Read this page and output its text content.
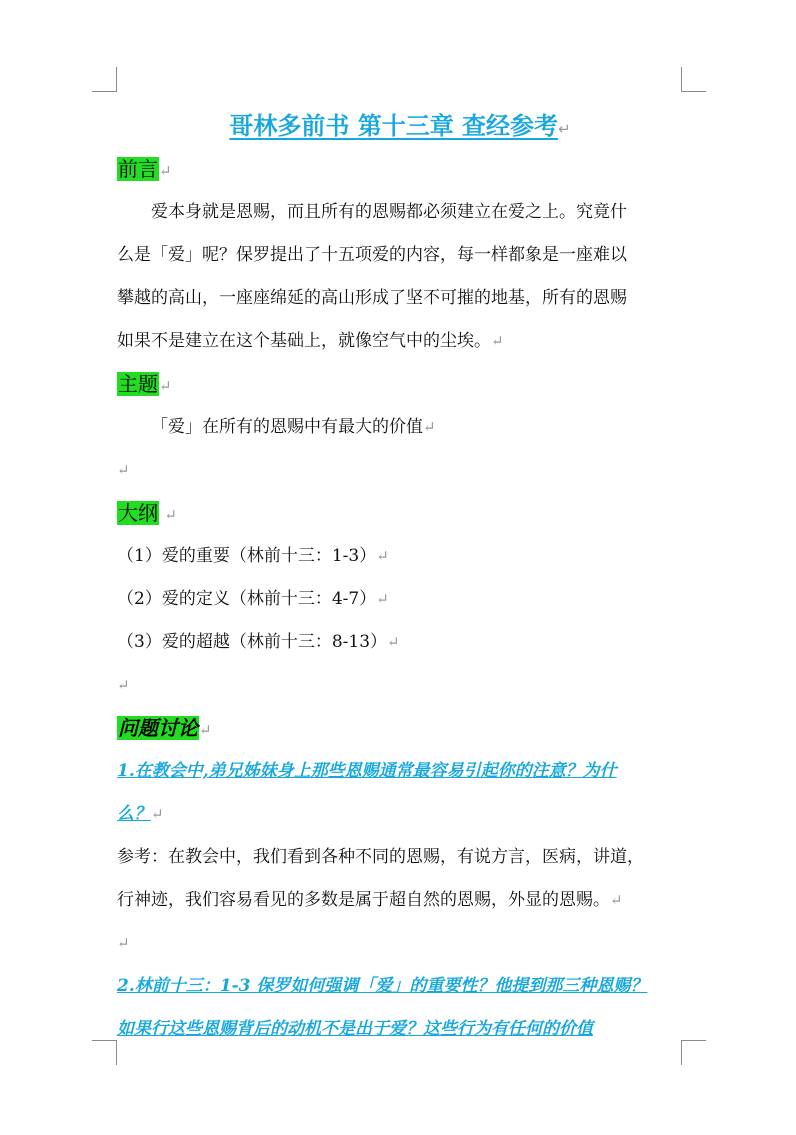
哥林多前书 第十三章 查经参考↵
前言↵
爱本身就是恩赐，而且所有的恩赐都必须建立在爱之上。究竟什
么是「爱」呢？保罗提出了十五项爱的内容，每一样都象是一座难以
攀越的高山，一座座绵延的高山形成了坚不可摧的地基，所有的恩赐
如果不是建立在这个基础上，就像空气中的尘埃。↵
主题↵
「爱」在所有的恩赐中有最大的价值↵
↵
大纲 ↵
（1）爱的重要（林前十三：1-3）↵
（2）爱的定义（林前十三：4-7）↵
（3）爱的超越（林前十三：8-13）↵
↵
问题讨论↵
1.在教会中,弟兄姊妹身上那些恩赐通常最容易引起你的注意？为什
么？↵
参考：在教会中，我们看到各种不同的恩赐，有说方言，医病，讲道，
行神迹，我们容易看见的多数是属于超自然的恩赐，外显的恩赐。↵
↵
2.林前十三：1-3 保罗如何强调「爱」的重要性？他提到那三种恩赐？
如果行这些恩赐背后的动机不是出于爱？这些行为有任何的价值
